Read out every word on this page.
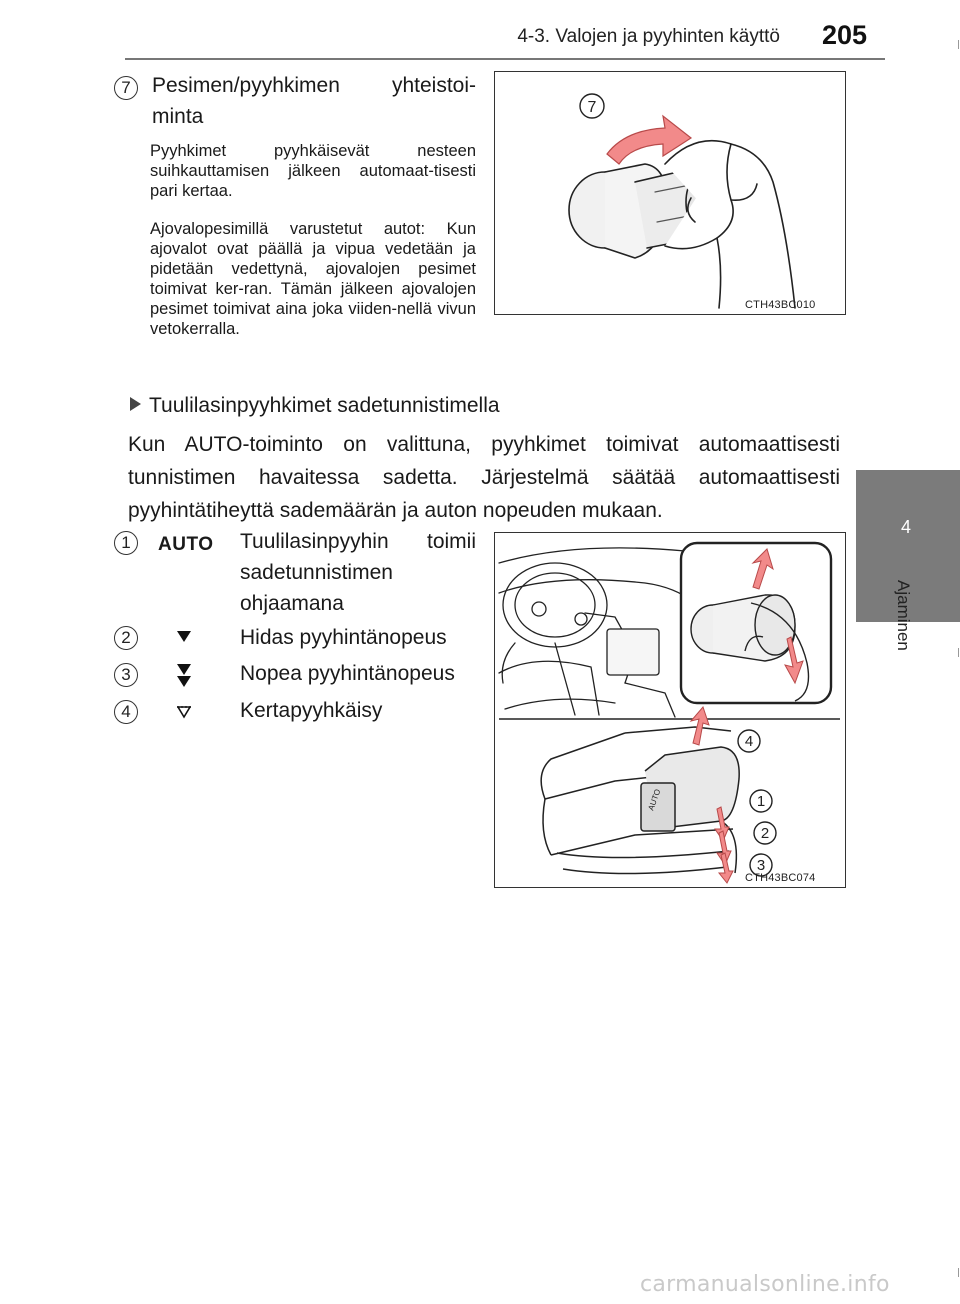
4-3. Valojen ja pyyhinten käyttö 205
4
Ajaminen
7	Pesimen/pyyhkimen yhteistoi-
minta
Pyyhkimet pyyhkäisevät nesteen suihkauttamisen jälkeen automaat-tisesti pari kertaa.
Ajovalopesimillä varustetut autot: Kun ajovalot ovat päällä ja vipua vedetään ja pidetään vedettynä, ajovalojen pesimet toimivat ker-ran. Tämän jälkeen ajovalojen pesimet toimivat aina joka viiden-nellä vivun vetokerralla.
7
CTH43BC010
Tuulilasinpyyhkimet sadetunnistimella
Kun AUTO-toiminto on valittuna, pyyhkimet toimivat automaattisesti tunnistimen havaitessa sadetta. Järjestelmä säätää automaattisesti pyyhintätiheyttä sademäärän ja auton nopeuden mukaan.
1	AUTO Tuulilasinpyyhin toimii sadetunnistimen ohjaamana
2	Hidas pyyhintänopeus
3	Nopea pyyhintänopeus
4	Kertapyyhkäisy
AUTO
4
1
2
3
CTH43BC074
carmanualsonline.info
